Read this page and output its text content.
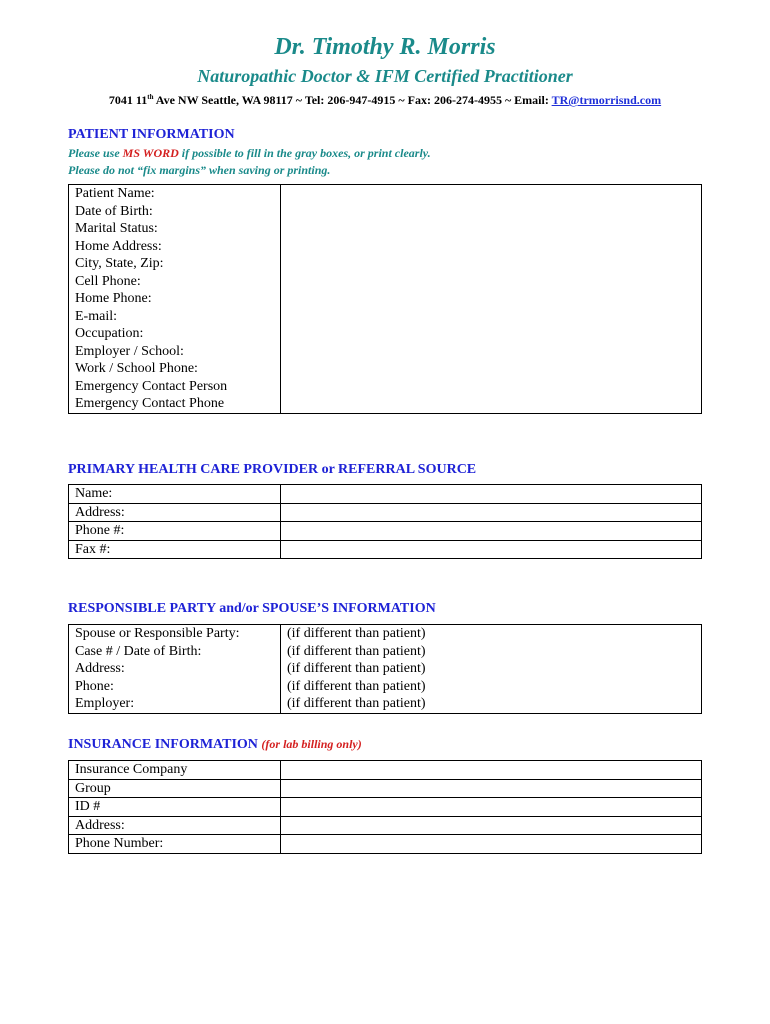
Dr. Timothy R. Morris
Naturopathic Doctor & IFM Certified Practitioner
7041 11th Ave NW Seattle, WA 98117 ~ Tel: 206-947-4915 ~ Fax: 206-274-4955 ~ Email: TR@trmorrisnd.com
PATIENT INFORMATION
Please use MS WORD if possible to fill in the gray boxes, or print clearly.
Please do not “fix margins” when saving or printing.
Patient Name:	
Date of Birth:	
Marital Status:	
Home Address:	
City, State, Zip:	
Cell Phone:	
Home Phone:	
E-mail:	
Occupation:	
Employer / School:	
Work / School Phone:	
Emergency Contact Person	
Emergency Contact Phone	
PRIMARY HEALTH CARE PROVIDER or REFERRAL SOURCE
Name:	
Address:	
Phone #:	
Fax #:	
RESPONSIBLE PARTY and/or SPOUSE’S INFORMATION
Spouse or Responsible Party:	(if different than patient)
Case # / Date of Birth:	(if different than patient)
Address:	(if different than patient)
Phone:	(if different than patient)
Employer:	(if different than patient)
INSURANCE INFORMATION (for lab billing only)
Insurance Company	
Group	
ID #	
Address:	
Phone Number:	
